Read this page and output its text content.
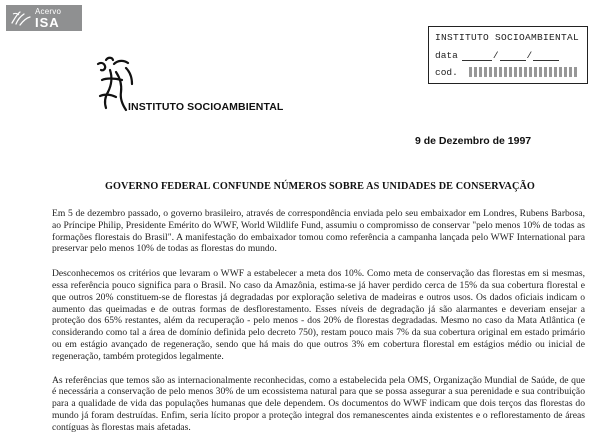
Acervo
ISA
INSTITUTO SOCIOAMBIENTAL
data	/	/
cod.
INSTITUTO SOCIOAMBIENTAL
9 de Dezembro de 1997
GOVERNO FEDERAL CONFUNDE NÚMEROS SOBRE AS UNIDADES DE CONSERVAÇÃO

Em 5 de dezembro passado, o governo brasileiro, através de correspondência enviada pelo seu embaixador em Londres, Rubens Barbosa, ao Príncipe Philip, Presidente Emérito do WWF, World Wildlife Fund, assumiu o compromisso de conservar "pelo menos 10% de todas as formações florestais do Brasil". A manifestação do embaixador tomou como referência a campanha lançada pelo WWF International para preservar pelo menos 10% de todas as florestas do mundo.

Desconhecemos os critérios que levaram o WWF a estabelecer a meta dos 10%. Como meta de conservação das florestas em si mesmas, essa referência pouco significa para o Brasil. No caso da Amazônia, estima-se já haver perdido cerca de 15% da sua cobertura florestal e que outros 20% constituem-se de florestas já degradadas por exploração seletiva de madeiras e outros usos. Os dados oficiais indicam o aumento das queimadas e de outras formas de desflorestamento. Esses níveis de degradação já são alarmantes e deveriam ensejar a proteção dos 65% restantes, além da recuperação - pelo menos - dos 20% de florestas degradadas. Mesmo no caso da Mata Atlântica (e considerando como tal a área de domínio definida pelo decreto 750), restam pouco mais 7% da sua cobertura original em estado primário ou em estágio avançado de regeneração, sendo que há mais do que outros 3% em cobertura florestal em estágios médio ou inicial de regeneração, também protegidos legalmente.

As referências que temos são as internacionalmente reconhecidas, como a estabelecida pela OMS, Organização Mundial de Saúde, de que é necessária a conservação de pelo menos 30% de um ecossistema natural para que se possa assegurar a sua perenidade e sua contribuição para a qualidade de vida das populações humanas que dele dependem. Os documentos do WWF indicam que dois terços das florestas do mundo já foram destruídas. Enfim, seria lícito propor a proteção integral dos remanescentes ainda existentes e o reflorestamento de áreas contíguas às florestas mais afetadas.
